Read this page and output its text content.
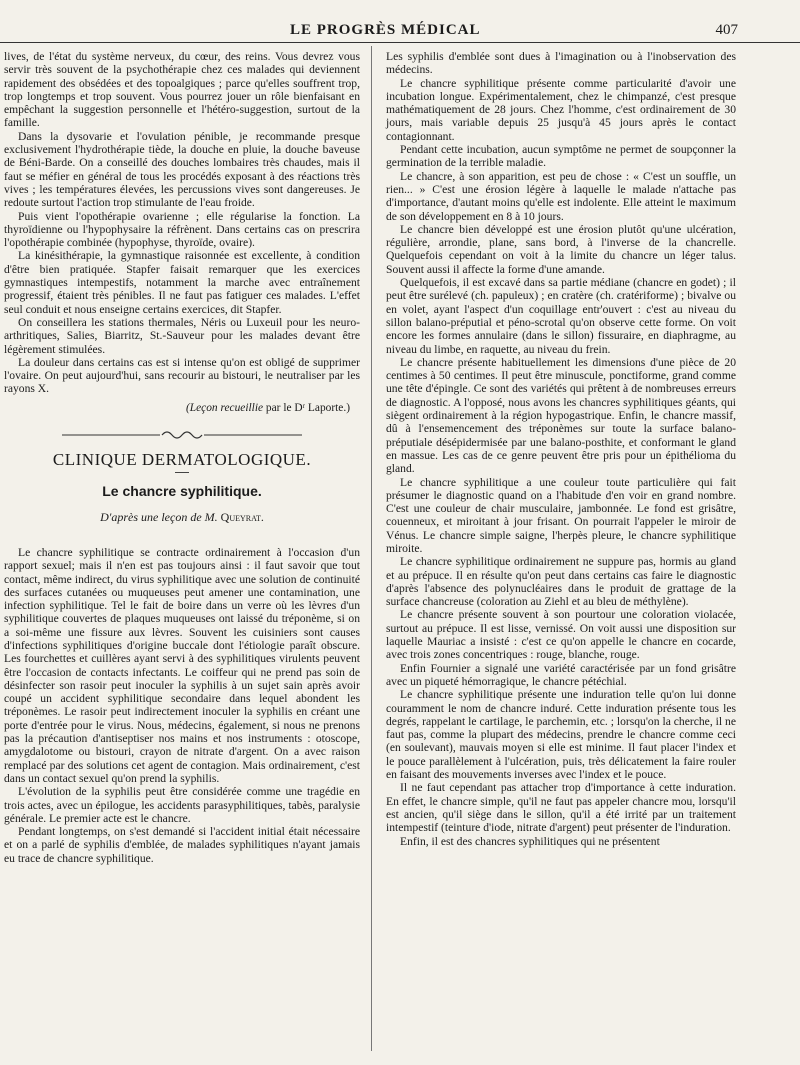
LE PROGRÈS MÉDICAL	407

lives, de l'état du système nerveux, du cœur, des reins. Vous devrez vous servir très souvent de la psychothérapie chez ces malades qui deviennent rapidement des obsédées et des topoalgiques ; parce qu'elles souffrent trop, trop longtemps et trop souvent. Vous pourrez jouer un rôle bienfaisant en empêchant la suggestion personnelle et l'hétéro-suggestion, surtout de la famille.

Dans la dysovarie et l'ovulation pénible, je recommande presque exclusivement l'hydrothérapie tiède, la douche en pluie, la douche baveuse de Béni-Barde. On a conseillé des douches lombaires très chaudes, mais il faut se méfier en général de tous les procédés exposant à des réactions très vives ; les températures élevées, les percussions vives sont dangereuses. Je redoute surtout l'action trop stimulante de l'eau froide.

Puis vient l'opothérapie ovarienne ; elle régularise la fonction. La thyroïdienne ou l'hypophysaire la réfrènent. Dans certains cas on prescrira l'opothérapie combinée (hypophyse, thyroïde, ovaire).

La kinésithérapie, la gymnastique raisonnée est excellente, à condition d'être bien pratiquée. Stapfer faisait remarquer que les exercices gymnastiques intempestifs, notamment la marche avec entraînement progressif, étaient très pénibles. Il ne faut pas fatiguer ces malades. L'effet seul conduit et nous enseigne certains exercices, dit Stapfer.

On conseillera les stations thermales, Néris ou Luxeuil pour les neuro-arthritiques, Salies, Biarritz, St.-Sauveur pour les malades devant être légèrement stimulées.

La douleur dans certains cas est si intense qu'on est obligé de supprimer l'ovaire. On peut aujourd'hui, sans recourir au bistouri, le neutraliser par les rayons X.

(Leçon recueillie par le Dʳ Laporte.)
CLINIQUE DERMATOLOGIQUE.
Le chancre syphilitique.
D'après une leçon de M. Queyrat.

Le chancre syphilitique se contracte ordinairement à l'occasion d'un rapport sexuel; mais il n'en est pas toujours ainsi : il faut savoir que tout contact, même indirect, du virus syphilitique avec une solution de continuité des surfaces cutanées ou muqueuses peut amener une contamination, une infection syphilitique. Tel le fait de boire dans un verre où les lèvres d'un syphilitique couvertes de plaques muqueuses ont laissé du tréponème, si on a soi-même une fissure aux lèvres. Souvent les cuisiniers sont causes d'infections syphilitiques d'origine buccale dont l'étiologie paraît obscure. Les fourchettes et cuillères ayant servi à des syphilitiques virulents peuvent être l'occasion de contacts infectants. Le coiffeur qui ne prend pas soin de désinfecter son rasoir peut inoculer la syphilis à un sujet sain après avoir coupé un accident syphilitique secondaire dans lequel abondent les tréponèmes. Le rasoir peut indirectement inoculer la syphilis en créant une porte d'entrée pour le virus. Nous, médecins, également, si nous ne prenons pas la précaution d'antiseptiser nos mains et nos instruments : otoscope, amygdalotome ou bistouri, crayon de nitrate d'argent. On a avec raison remplacé par des solutions cet agent de contagion. Mais ordinairement, c'est dans un contact sexuel qu'on prend la syphilis.

L'évolution de la syphilis peut être considérée comme une tragédie en trois actes, avec un épilogue, les accidents parasyphilitiques, tabès, paralysie générale. Le premier acte est le chancre.

Pendant longtemps, on s'est demandé si l'accident initial était nécessaire et on a parlé de syphilis d'emblée, de malades syphilitiques n'ayant jamais eu trace de chancre syphilitique.

Les syphilis d'emblée sont dues à l'imagination ou à l'inobservation des médecins.

Le chancre syphilitique présente comme particularité d'avoir une incubation longue. Expérimentalement, chez le chimpanzé, c'est presque mathématiquement de 28 jours. Chez l'homme, c'est ordinairement de 30 jours, mais variable depuis 25 jusqu'à 45 jours après le contact contagionnant.

Pendant cette incubation, aucun symptôme ne permet de soupçonner la germination de la terrible maladie.

Le chancre, à son apparition, est peu de chose : « C'est un souffle, un rien... » C'est une érosion légère à laquelle le malade n'attache pas d'importance, d'autant moins qu'elle est indolente. Elle atteint le maximum de son développement en 8 à 10 jours.

Le chancre bien développé est une érosion plutôt qu'une ulcération, régulière, arrondie, plane, sans bord, à l'inverse de la chancrelle. Quelquefois cependant on voit à la limite du chancre un léger talus. Souvent aussi il affecte la forme d'une amande.

Quelquefois, il est excavé dans sa partie médiane (chancre en godet) ; il peut être surélevé (ch. papuleux) ; en cratère (ch. cratériforme) ; bivalve ou en volet, ayant l'aspect d'un coquillage entr'ouvert : c'est au niveau du sillon balano-préputial et péno-scrotal qu'on observe cette forme. On voit encore les formes annulaire (dans le sillon) fissuraire, en diaphragme, au niveau du limbe, en raquette, au niveau du frein.

Le chancre présente habituellement les dimensions d'une pièce de 20 centimes à 50 centimes. Il peut être minuscule, ponctiforme, grand comme une tête d'épingle. Ce sont des variétés qui prêtent à de nombreuses erreurs de diagnostic. A l'opposé, nous avons les chancres syphilitiques géants, qui siègent ordinairement à la région hypogastrique. Enfin, le chancre massif, dû à l'ensemencement des tréponèmes sur toute la surface balano-préputiale désépidermisée par une balano-posthite, et conformant le gland en massue. Les cas de ce genre peuvent être pris pour un épithélioma du gland.

Le chancre syphilitique a une couleur toute particulière qui fait présumer le diagnostic quand on a l'habitude d'en voir en grand nombre. C'est une couleur de chair musculaire, jambonnée. Le fond est grisâtre, couenneux, et miroitant à jour frisant. On pourrait l'appeler le miroir de Vénus. Le chancre simple saigne, l'herpès pleure, le chancre syphilitique miroite.

Le chancre syphilitique ordinairement ne suppure pas, hormis au gland et au prépuce. Il en résulte qu'on peut dans certains cas faire le diagnostic d'après l'absence des polynucléaires dans le produit de grattage de la surface chancreuse (coloration au Ziehl et au bleu de méthylène).

Le chancre présente souvent à son pourtour une coloration violacée, surtout au prépuce. Il est lisse, vernissé. On voit aussi une disposition sur laquelle Mauriac a insisté : c'est ce qu'on appelle le chancre en cocarde, avec trois zones concentriques : rouge, blanche, rouge.

Enfin Fournier a signalé une variété caractérisée par un fond grisâtre avec un piqueté hémorragique, le chancre pétéchial.

Le chancre syphilitique présente une induration telle qu'on lui donne couramment le nom de chancre induré. Cette induration présente tous les degrés, rappelant le cartilage, le parchemin, etc. ; lorsqu'on la cherche, il ne faut pas, comme la plupart des médecins, prendre le chancre comme ceci (en soulevant), mauvais moyen si elle est minime. Il faut placer l'index et le pouce parallèlement à l'ulcération, puis, très délicatement la faire rouler en faisant des mouvements inverses avec l'index et le pouce.

Il ne faut cependant pas attacher trop d'importance à cette induration. En effet, le chancre simple, qu'il ne faut pas appeler chancre mou, lorsqu'il est ancien, qu'il siège dans le sillon, qu'il a été irrité par un traitement intempestif (teinture d'iode, nitrate d'argent) peut présenter de l'induration.

Enfin, il est des chancres syphilitiques qui ne présentent
